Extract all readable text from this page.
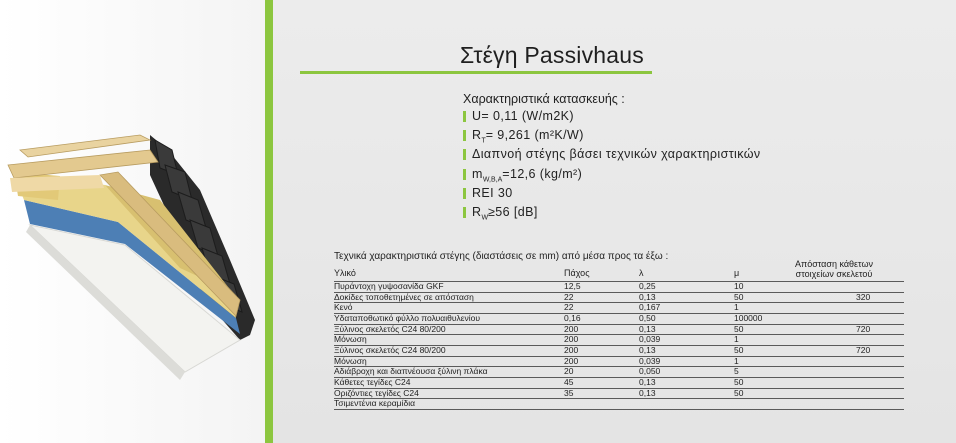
Στέγη Passivhaus
Χαρακτηριστικά κατασκευής :
U= 0,11 (W/m2K)
$R_T= 9,261$ (m²K/W)
Διαπνοή στέγης βάσει τεχνικών χαρακτηριστικών
$m_{W,B,A}=12,6$ (kg/m²)
REI 30
$R_W\ge 56$ [dB]
Τεχνικά χαρακτηριστικά στέγης (διαστάσεις σε mm) από μέσα προς τα έξω :
Απόσταση κάθετων στοιχείων σκελετού
Υλικό	Πάχος	λ	μ
Πυράντοχη γυψοσανίδα GKF	12,5	0,25	10	
Δοκίδες τοποθετημένες σε απόσταση	22	0,13	50	320
Κενό	22	0,167	1	
Υδαταποθωτικό φύλλο πολυαιθυλενίου	0,16	0,50	100000	
Ξύλινος σκελετός C24 80/200	200	0,13	50	720
Μόνωση	200	0,039	1	
Ξύλινος σκελετός C24 80/200	200	0,13	50	720
Μόνωση	200	0,039	1	
Αδιάβροχη και διαπνέουσα ξύλινη πλάκα	20	0,050	5	
Κάθετες τεγίδες C24	45	0,13	50	
Οριζόντιες τεγίδες C24	35	0,13	50	
Τσιμεντένια κεραμίδια				
